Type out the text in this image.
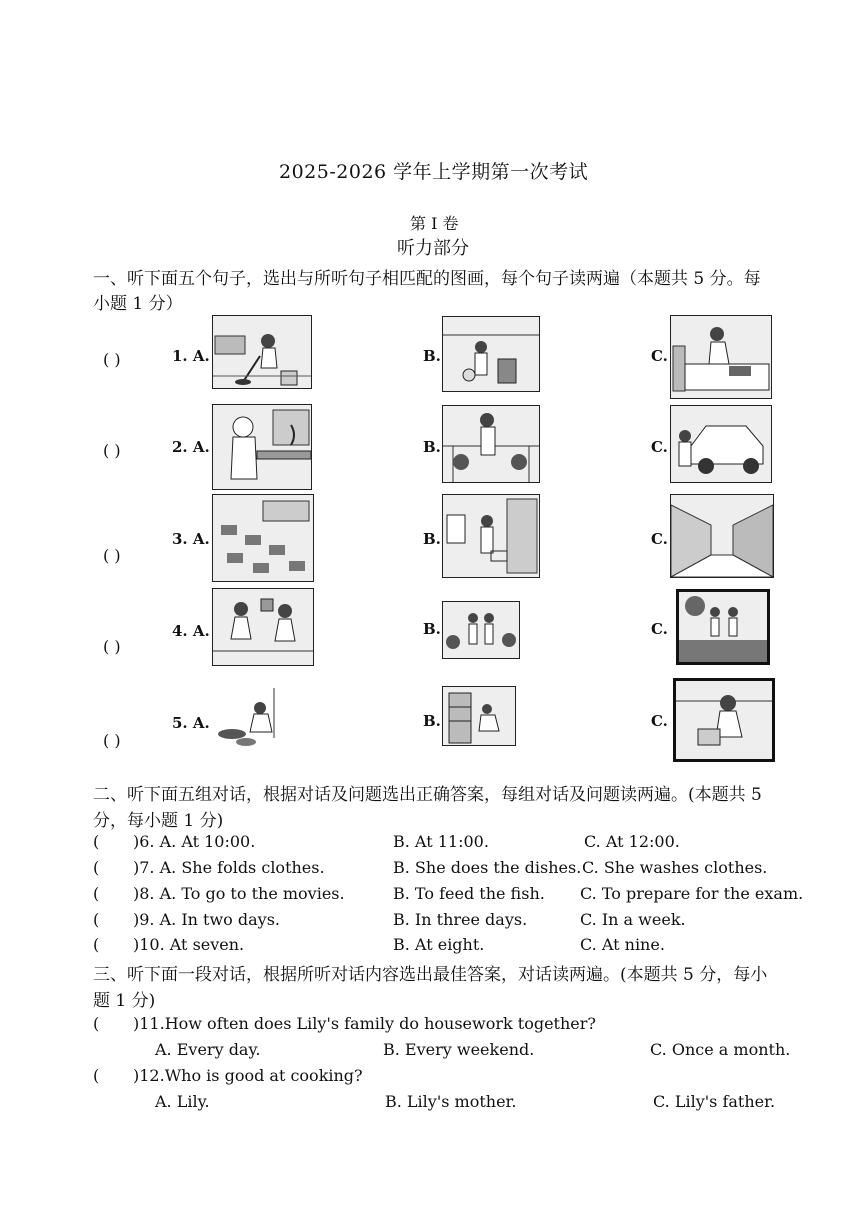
2025-2026 学年上学期第一次考试
第 I 卷
听力部分
一、听下面五个句子，选出与所听句子相匹配的图画，每个句子读两遍（本题共 5 分。每
小题 1 分）
( )	1. A.	B.	C.
( )	2. A.	B.	C.
( )
3. A.	B.	C.
( )
4. A.	B.	C.
( )
5. A.	B.	C.
二、听下面五组对话，根据对话及问题选出正确答案，每组对话及问题读两遍。(本题共 5
分，每小题 1 分)
( )6. A. At 10:00.	B. At 11:00.	C. At 12:00.
( )7. A. She folds clothes.	B. She does the dishes. C. She washes clothes.
( )8. A. To go to the movies.	B. To feed the fish. C. To prepare for the exam.
( )9. A. In two days.	B. In three days.	C. In a week.
( )10. At seven.	B. At eight.	C. At nine.
三、听下面一段对话，根据所听对话内容选出最佳答案，对话读两遍。(本题共 5 分，每小
题 1 分)
( )11.How often does Lily's family do housework together?
A. Every day.	B. Every weekend.	C. Once a month.
( )12.Who is good at cooking?
A. Lily.	B. Lily's mother.	C. Lily's father.
